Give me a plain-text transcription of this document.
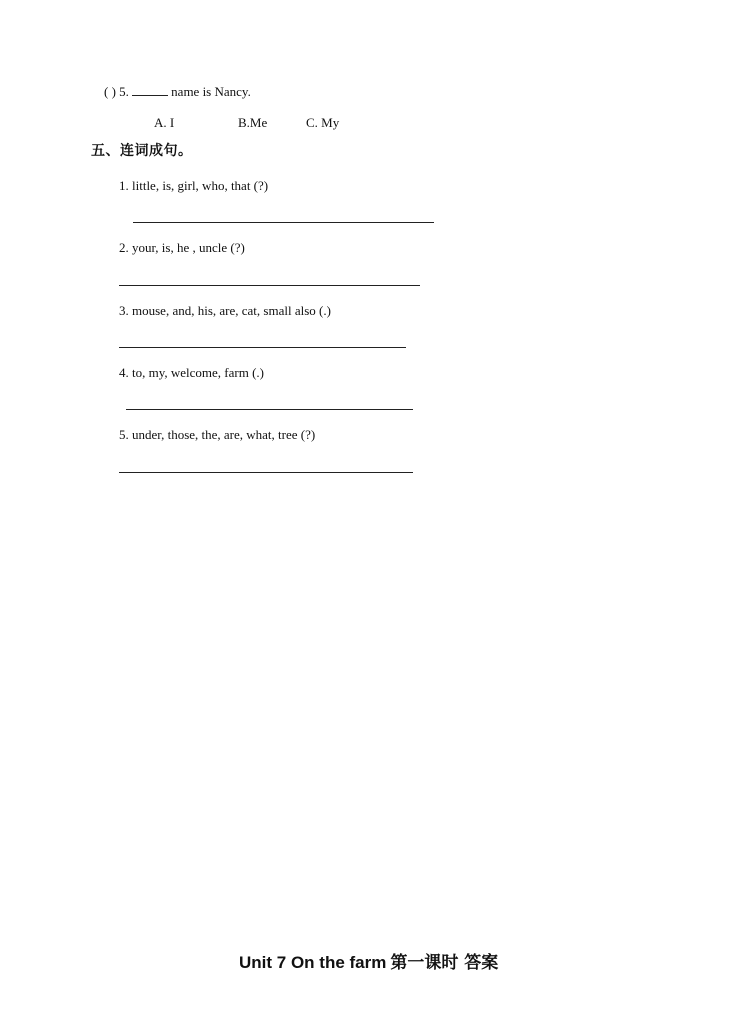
( ) 5.	name is Nancy.
A. I	B.Me	C. My
五、连词成句。
1. little, is, girl, who, that (?)
2. your, is, he , uncle (?)
3. mouse, and, his, are, cat, small also (.)
4. to, my, welcome, farm (.)
5. under, those, the, are, what, tree (?)
Unit 7 On the farm 第一课时 答案
